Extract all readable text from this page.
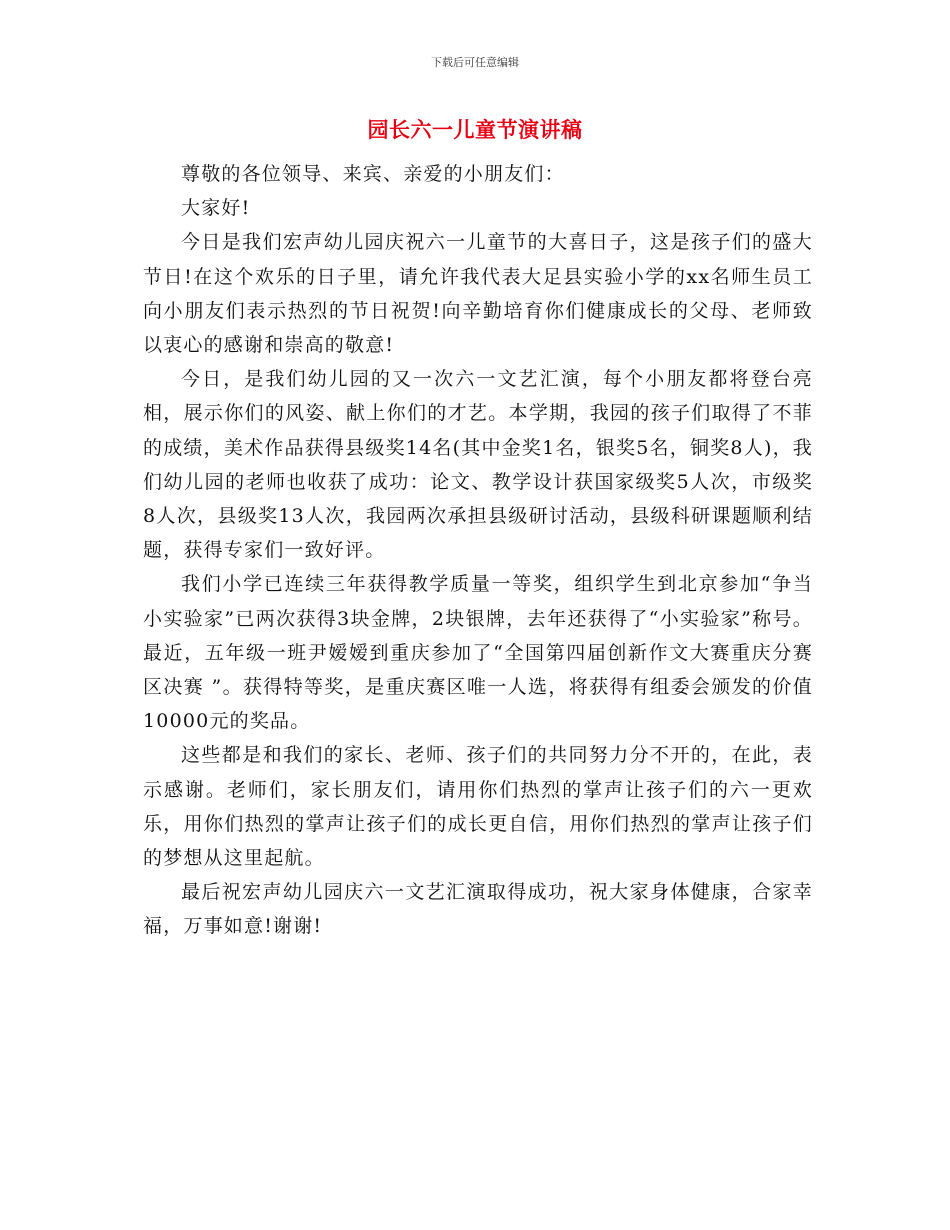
下载后可任意编辑
园长六一儿童节演讲稿

尊敬的各位领导、来宾、亲爱的小朋友们：

大家好!

今日是我们宏声幼儿园庆祝六一儿童节的大喜日子，这是孩子们的盛大节日!在这个欢乐的日子里，请允许我代表大足县实验小学的xx名师生员工向小朋友们表示热烈的节日祝贺!向辛勤培育你们健康成长的父母、老师致以衷心的感谢和崇高的敬意!

今日，是我们幼儿园的又一次六一文艺汇演，每个小朋友都将登台亮相，展示你们的风姿、献上你们的才艺。本学期，我园的孩子们取得了不菲的成绩，美术作品获得县级奖14名(其中金奖1名，银奖5名，铜奖8人)，我们幼儿园的老师也收获了成功：论文、教学设计获国家级奖5人次，市级奖8人次，县级奖13人次，我园两次承担县级研讨活动，县级科研课题顺利结题，获得专家们一致好评。

我们小学已连续三年获得教学质量一等奖，组织学生到北京参加“争当小实验家”已两次获得3块金牌，2块银牌，去年还获得了“小实验家”称号。最近，五年级一班尹嫒嫒到重庆参加了“全国第四届创新作文大赛重庆分赛区决赛 ”。获得特等奖，是重庆赛区唯一人选，将获得有组委会颁发的价值10000元的奖品。

这些都是和我们的家长、老师、孩子们的共同努力分不开的，在此，表示感谢。老师们，家长朋友们，请用你们热烈的掌声让孩子们的六一更欢乐，用你们热烈的掌声让孩子们的成长更自信，用你们热烈的掌声让孩子们的梦想从这里起航。

最后祝宏声幼儿园庆六一文艺汇演取得成功，祝大家身体健康，合家幸福，万事如意!谢谢!
